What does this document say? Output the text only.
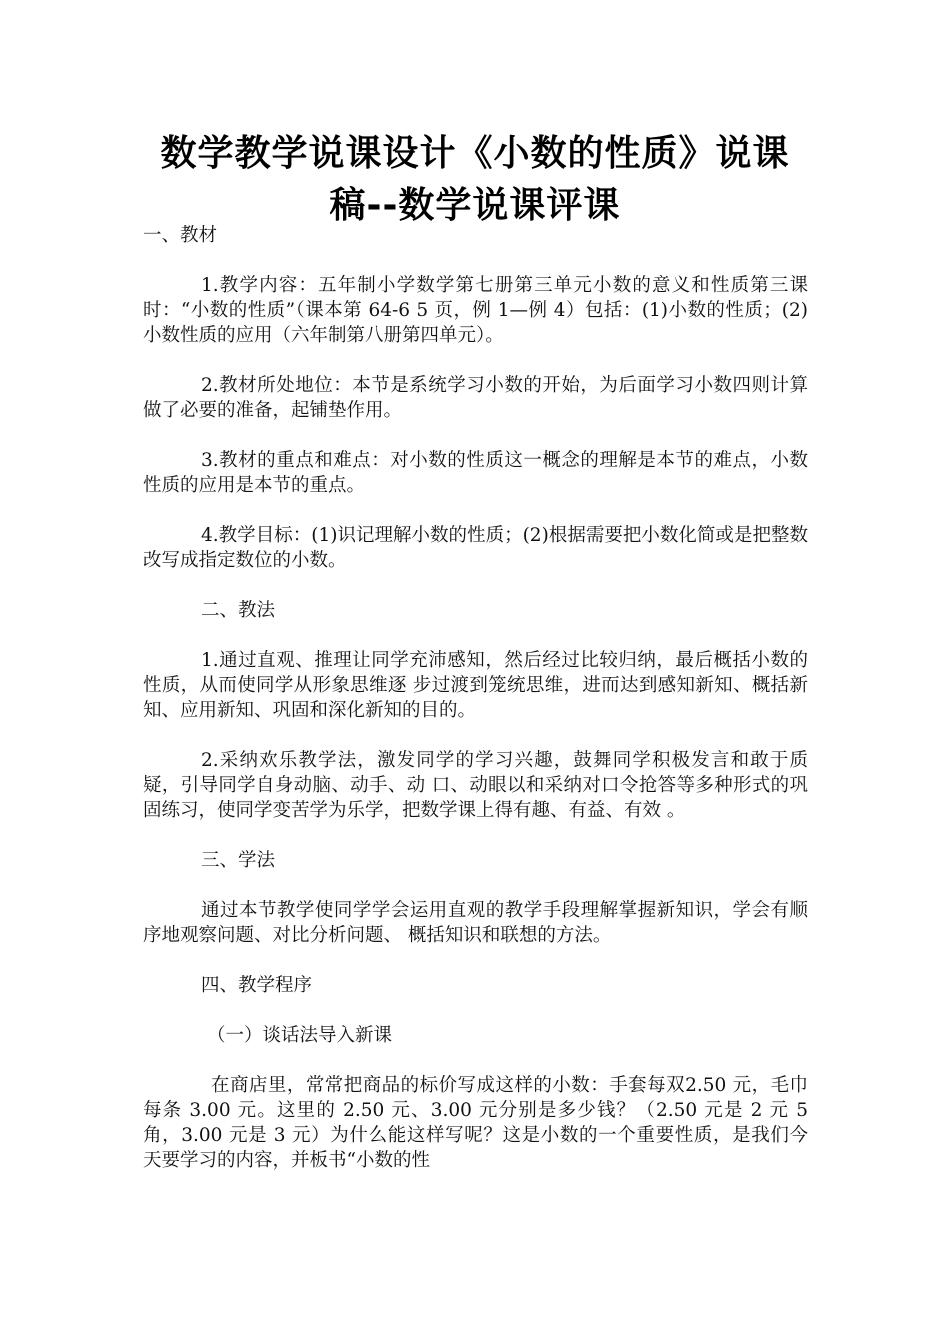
数学教学说课设计《小数的性质》说课
稿--数学说课评课

一、教材

1.教学内容：五年制小学数学第七册第三单元小数的意义和性质第三课时：“小数的性质”（课本第 64-6 5 页，例 1—例 4）包括：(1)小数的性质；(2)小数性质的应用（六年制第八册第四单元）。

2.教材所处地位：本节是系统学习小数的开始，为后面学习小数四则计算做了必要的准备，起铺垫作用。

3.教材的重点和难点：对小数的性质这一概念的理解是本节的难点，小数性质的应用是本节的重点。

4.教学目标：(1)识记理解小数的性质；(2)根据需要把小数化简或是把整数改写成指定数位的小数。

二、教法

1.通过直观、推理让同学充沛感知，然后经过比较归纳，最后概括小数的性质，从而使同学从形象思维逐 步过渡到笼统思维，进而达到感知新知、概括新知、应用新知、巩固和深化新知的目的。

2.采纳欢乐教学法，激发同学的学习兴趣，鼓舞同学积极发言和敢于质疑，引导同学自身动脑、动手、动 口、动眼以和采纳对口令抢答等多种形式的巩固练习，使同学变苦学为乐学，把数学课上得有趣、有益、有效 。

三、学法

通过本节教学使同学学会运用直观的教学手段理解掌握新知识，学会有顺序地观察问题、对比分析问题、 概括知识和联想的方法。

四、教学程序

（一）谈话法导入新课

在商店里，常常把商品的标价写成这样的小数：手套每双2.50 元，毛巾每条 3.00 元。这里的 2.50 元、3.00 元分别是多少钱？（2.50 元是 2 元 5 角，3.00 元是 3 元）为什么能这样写呢？这是小数的一个重要性质，是我们今 天要学习的内容，并板书“小数的性
